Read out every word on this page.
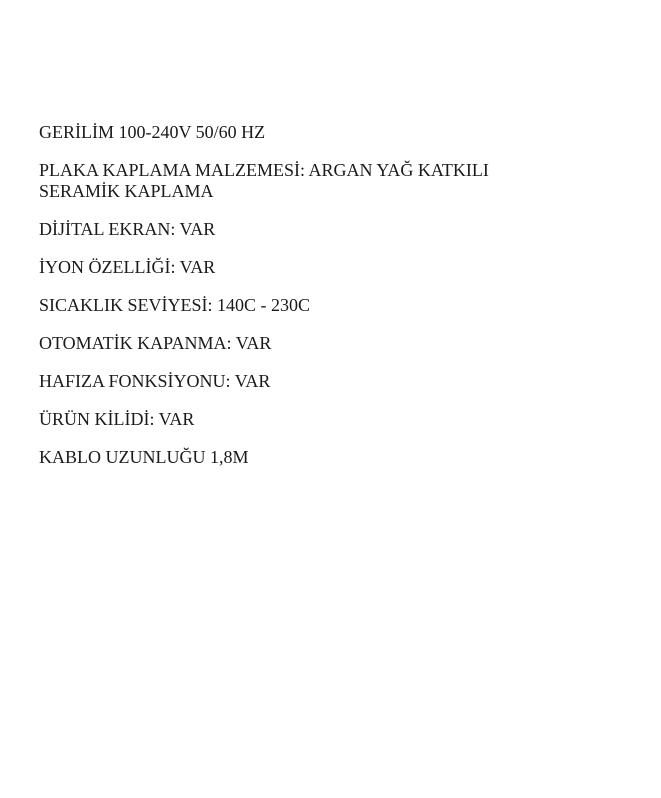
GERİLİM 100-240V 50/60 HZ
PLAKA KAPLAMA MALZEMESİ: ARGAN YAĞ KATKILI SERAMİK KAPLAMA
DİJİTAL EKRAN: VAR
İYON ÖZELLİĞİ: VAR
SICAKLIK SEVİYESİ: 140C - 230C
OTOMATİK KAPANMA: VAR
HAFIZA FONKSİYONU: VAR
ÜRÜN KİLİDİ: VAR
KABLO UZUNLUĞU 1,8M
